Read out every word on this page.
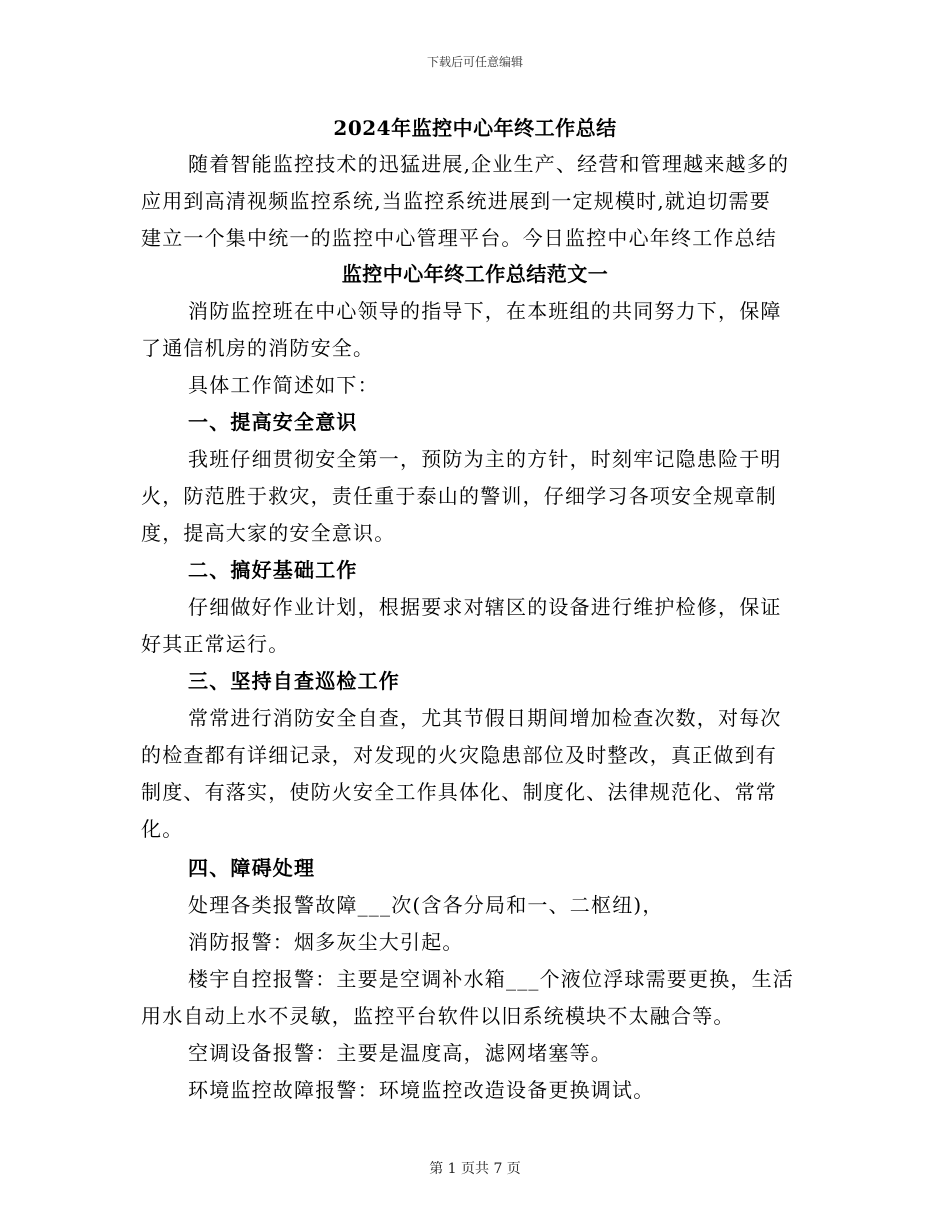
下载后可任意编辑
2024年监控中心年终工作总结
随着智能监控技术的迅猛进展,企业生产、经营和管理越来越多的
应用到高清视频监控系统,当监控系统进展到一定规模时,就迫切需要
建立一个集中统一的监控中心管理平台。今日监控中心年终工作总结
监控中心年终工作总结范文一
消防监控班在中心领导的指导下，在本班组的共同努力下，保障
了通信机房的消防安全。
具体工作简述如下：
一、提高安全意识
我班仔细贯彻安全第一，预防为主的方针，时刻牢记隐患险于明
火，防范胜于救灾，责任重于泰山的警训，仔细学习各项安全规章制
度，提高大家的安全意识。
二、搞好基础工作
仔细做好作业计划，根据要求对辖区的设备进行维护检修，保证
好其正常运行。
三、坚持自查巡检工作
常常进行消防安全自查，尤其节假日期间增加检查次数，对每次
的检查都有详细记录，对发现的火灾隐患部位及时整改，真正做到有
制度、有落实，使防火安全工作具体化、制度化、法律规范化、常常
化。
四、障碍处理
处理各类报警故障___次(含各分局和一、二枢纽)，
消防报警：烟多灰尘大引起。
楼宇自控报警：主要是空调补水箱___个液位浮球需要更换，生活
用水自动上水不灵敏，监控平台软件以旧系统模块不太融合等。
空调设备报警：主要是温度高，滤网堵塞等。
环境监控故障报警：环境监控改造设备更换调试。
第 1 页共 7 页
